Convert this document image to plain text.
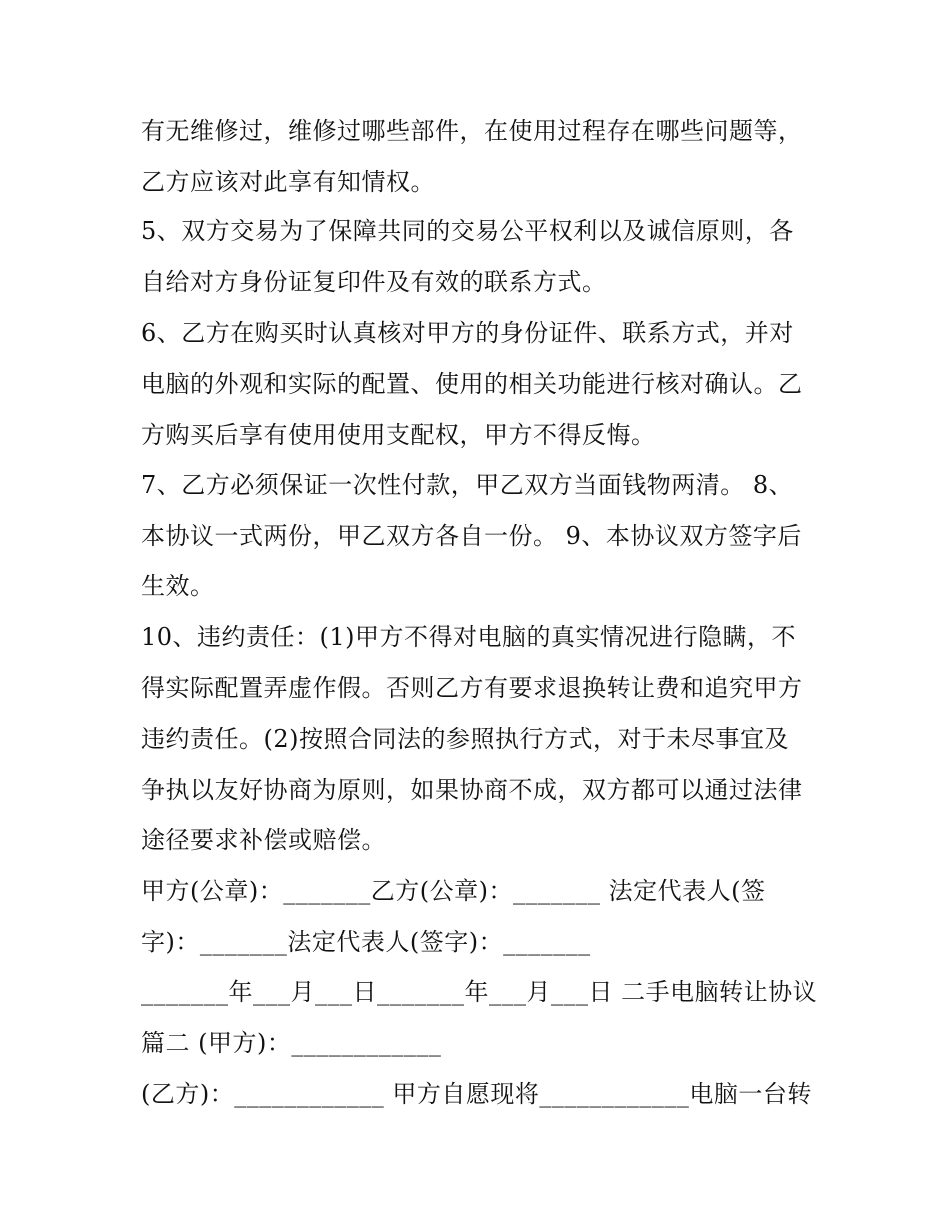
有无维修过，维修过哪些部件，在使用过程存在哪些问题等，
乙方应该对此享有知情权。
5、双方交易为了保障共同的交易公平权利以及诚信原则，各
自给对方身份证复印件及有效的联系方式。
6、乙方在购买时认真核对甲方的身份证件、联系方式，并对
电脑的外观和实际的配置、使用的相关功能进行核对确认。乙
方购买后享有使用使用支配权，甲方不得反悔。
7、乙方必须保证一次性付款，甲乙双方当面钱物两清。 8、
本协议一式两份，甲乙双方各自一份。 9、本协议双方签字后
生效。
10、违约责任：(1)甲方不得对电脑的真实情况进行隐瞒，不
得实际配置弄虚作假。否则乙方有要求退换转让费和追究甲方
违约责任。(2)按照合同法的参照执行方式，对于未尽事宜及
争执以友好协商为原则，如果协商不成，双方都可以通过法律
途径要求补偿或赔偿。
甲方(公章)：_______乙方(公章)：_______ 法定代表人(签
字)：_______法定代表人(签字)：_______
_______年___月___日_______年___月___日 二手电脑转让协议
篇二 (甲方)：____________
(乙方)：____________ 甲方自愿现将____________电脑一台转
